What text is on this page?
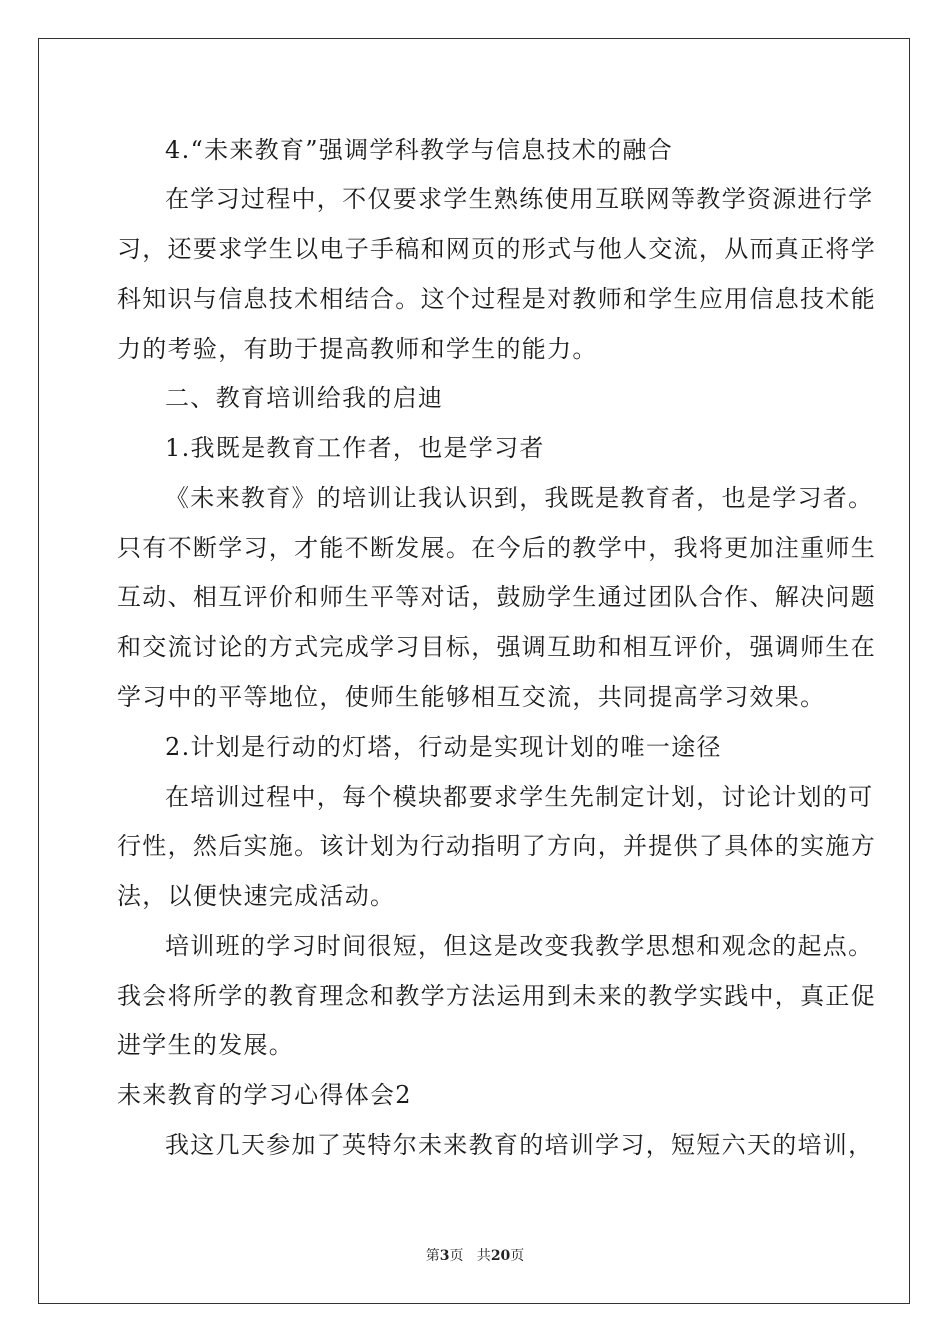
4.“未来教育”强调学科教学与信息技术的融合
在学习过程中，不仅要求学生熟练使用互联网等教学资源进行学
习，还要求学生以电子手稿和网页的形式与他人交流，从而真正将学
科知识与信息技术相结合。这个过程是对教师和学生应用信息技术能
力的考验，有助于提高教师和学生的能力。
二、教育培训给我的启迪
1.我既是教育工作者，也是学习者
《未来教育》的培训让我认识到，我既是教育者，也是学习者。
只有不断学习，才能不断发展。在今后的教学中，我将更加注重师生
互动、相互评价和师生平等对话，鼓励学生通过团队合作、解决问题
和交流讨论的方式完成学习目标，强调互助和相互评价，强调师生在
学习中的平等地位，使师生能够相互交流，共同提高学习效果。
2.计划是行动的灯塔，行动是实现计划的唯一途径
在培训过程中，每个模块都要求学生先制定计划，讨论计划的可
行性，然后实施。该计划为行动指明了方向，并提供了具体的实施方
法，以便快速完成活动。
培训班的学习时间很短，但这是改变我教学思想和观念的起点。
我会将所学的教育理念和教学方法运用到未来的教学实践中，真正促
进学生的发展。
未来教育的学习心得体会2
我这几天参加了英特尔未来教育的培训学习，短短六天的培训，
第3页 共20页
